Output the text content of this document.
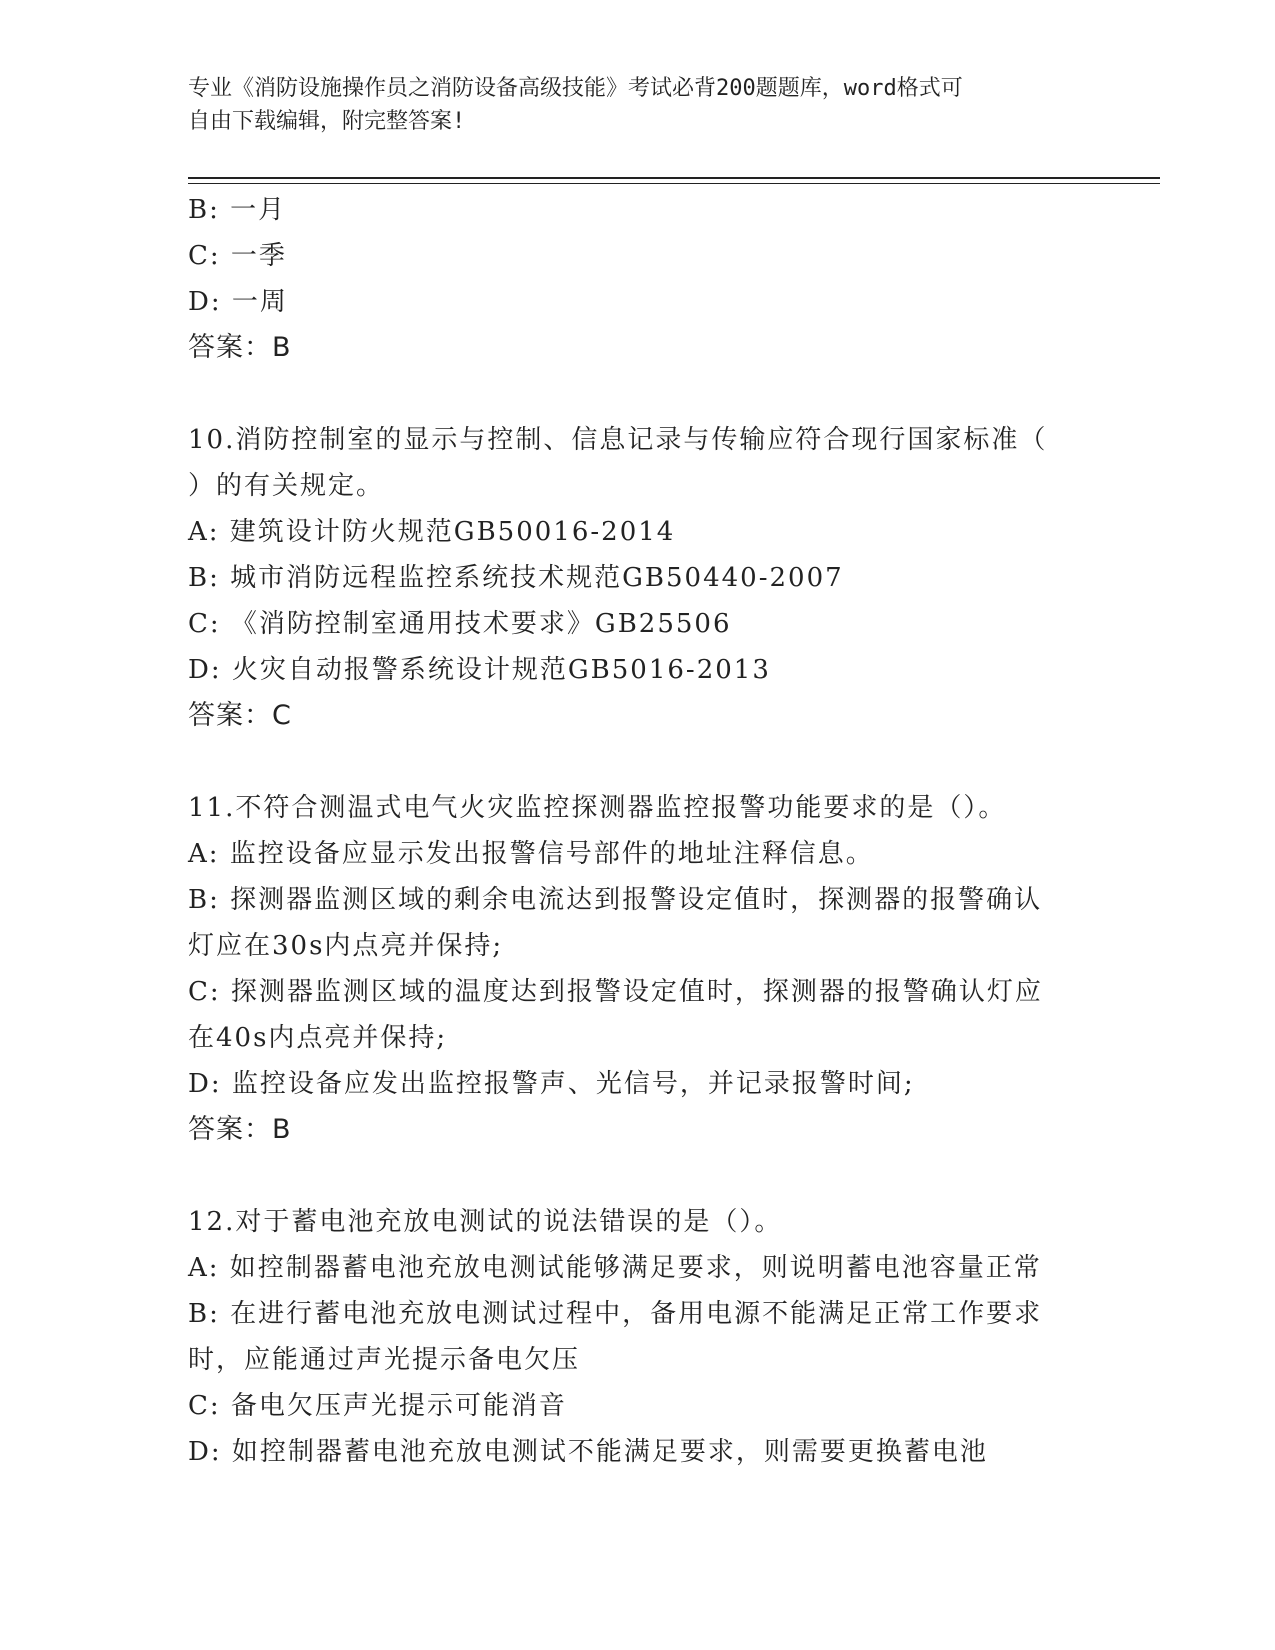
专业《消防设施操作员之消防设备高级技能》考试必背200题题库，word格式可
自由下载编辑，附完整答案!
B: 一月
C: 一季
D: 一周
答案：B
10.消防控制室的显示与控制、信息记录与传输应符合现行国家标准（
）的有关规定。
A: 建筑设计防火规范GB50016-2014
B: 城市消防远程监控系统技术规范GB50440-2007
C: 《消防控制室通用技术要求》GB25506
D: 火灾自动报警系统设计规范GB5016-2013
答案：C
11.不符合测温式电气火灾监控探测器监控报警功能要求的是（）。
A: 监控设备应显示发出报警信号部件的地址注释信息。
B: 探测器监测区域的剩余电流达到报警设定值时，探测器的报警确认
灯应在30s内点亮并保持;
C: 探测器监测区域的温度达到报警设定值时，探测器的报警确认灯应
在40s内点亮并保持;
D: 监控设备应发出监控报警声、光信号，并记录报警时间;
答案：B
12.对于蓄电池充放电测试的说法错误的是（）。
A: 如控制器蓄电池充放电测试能够满足要求，则说明蓄电池容量正常
B: 在进行蓄电池充放电测试过程中，备用电源不能满足正常工作要求
时，应能通过声光提示备电欠压
C: 备电欠压声光提示可能消音
D: 如控制器蓄电池充放电测试不能满足要求，则需要更换蓄电池
